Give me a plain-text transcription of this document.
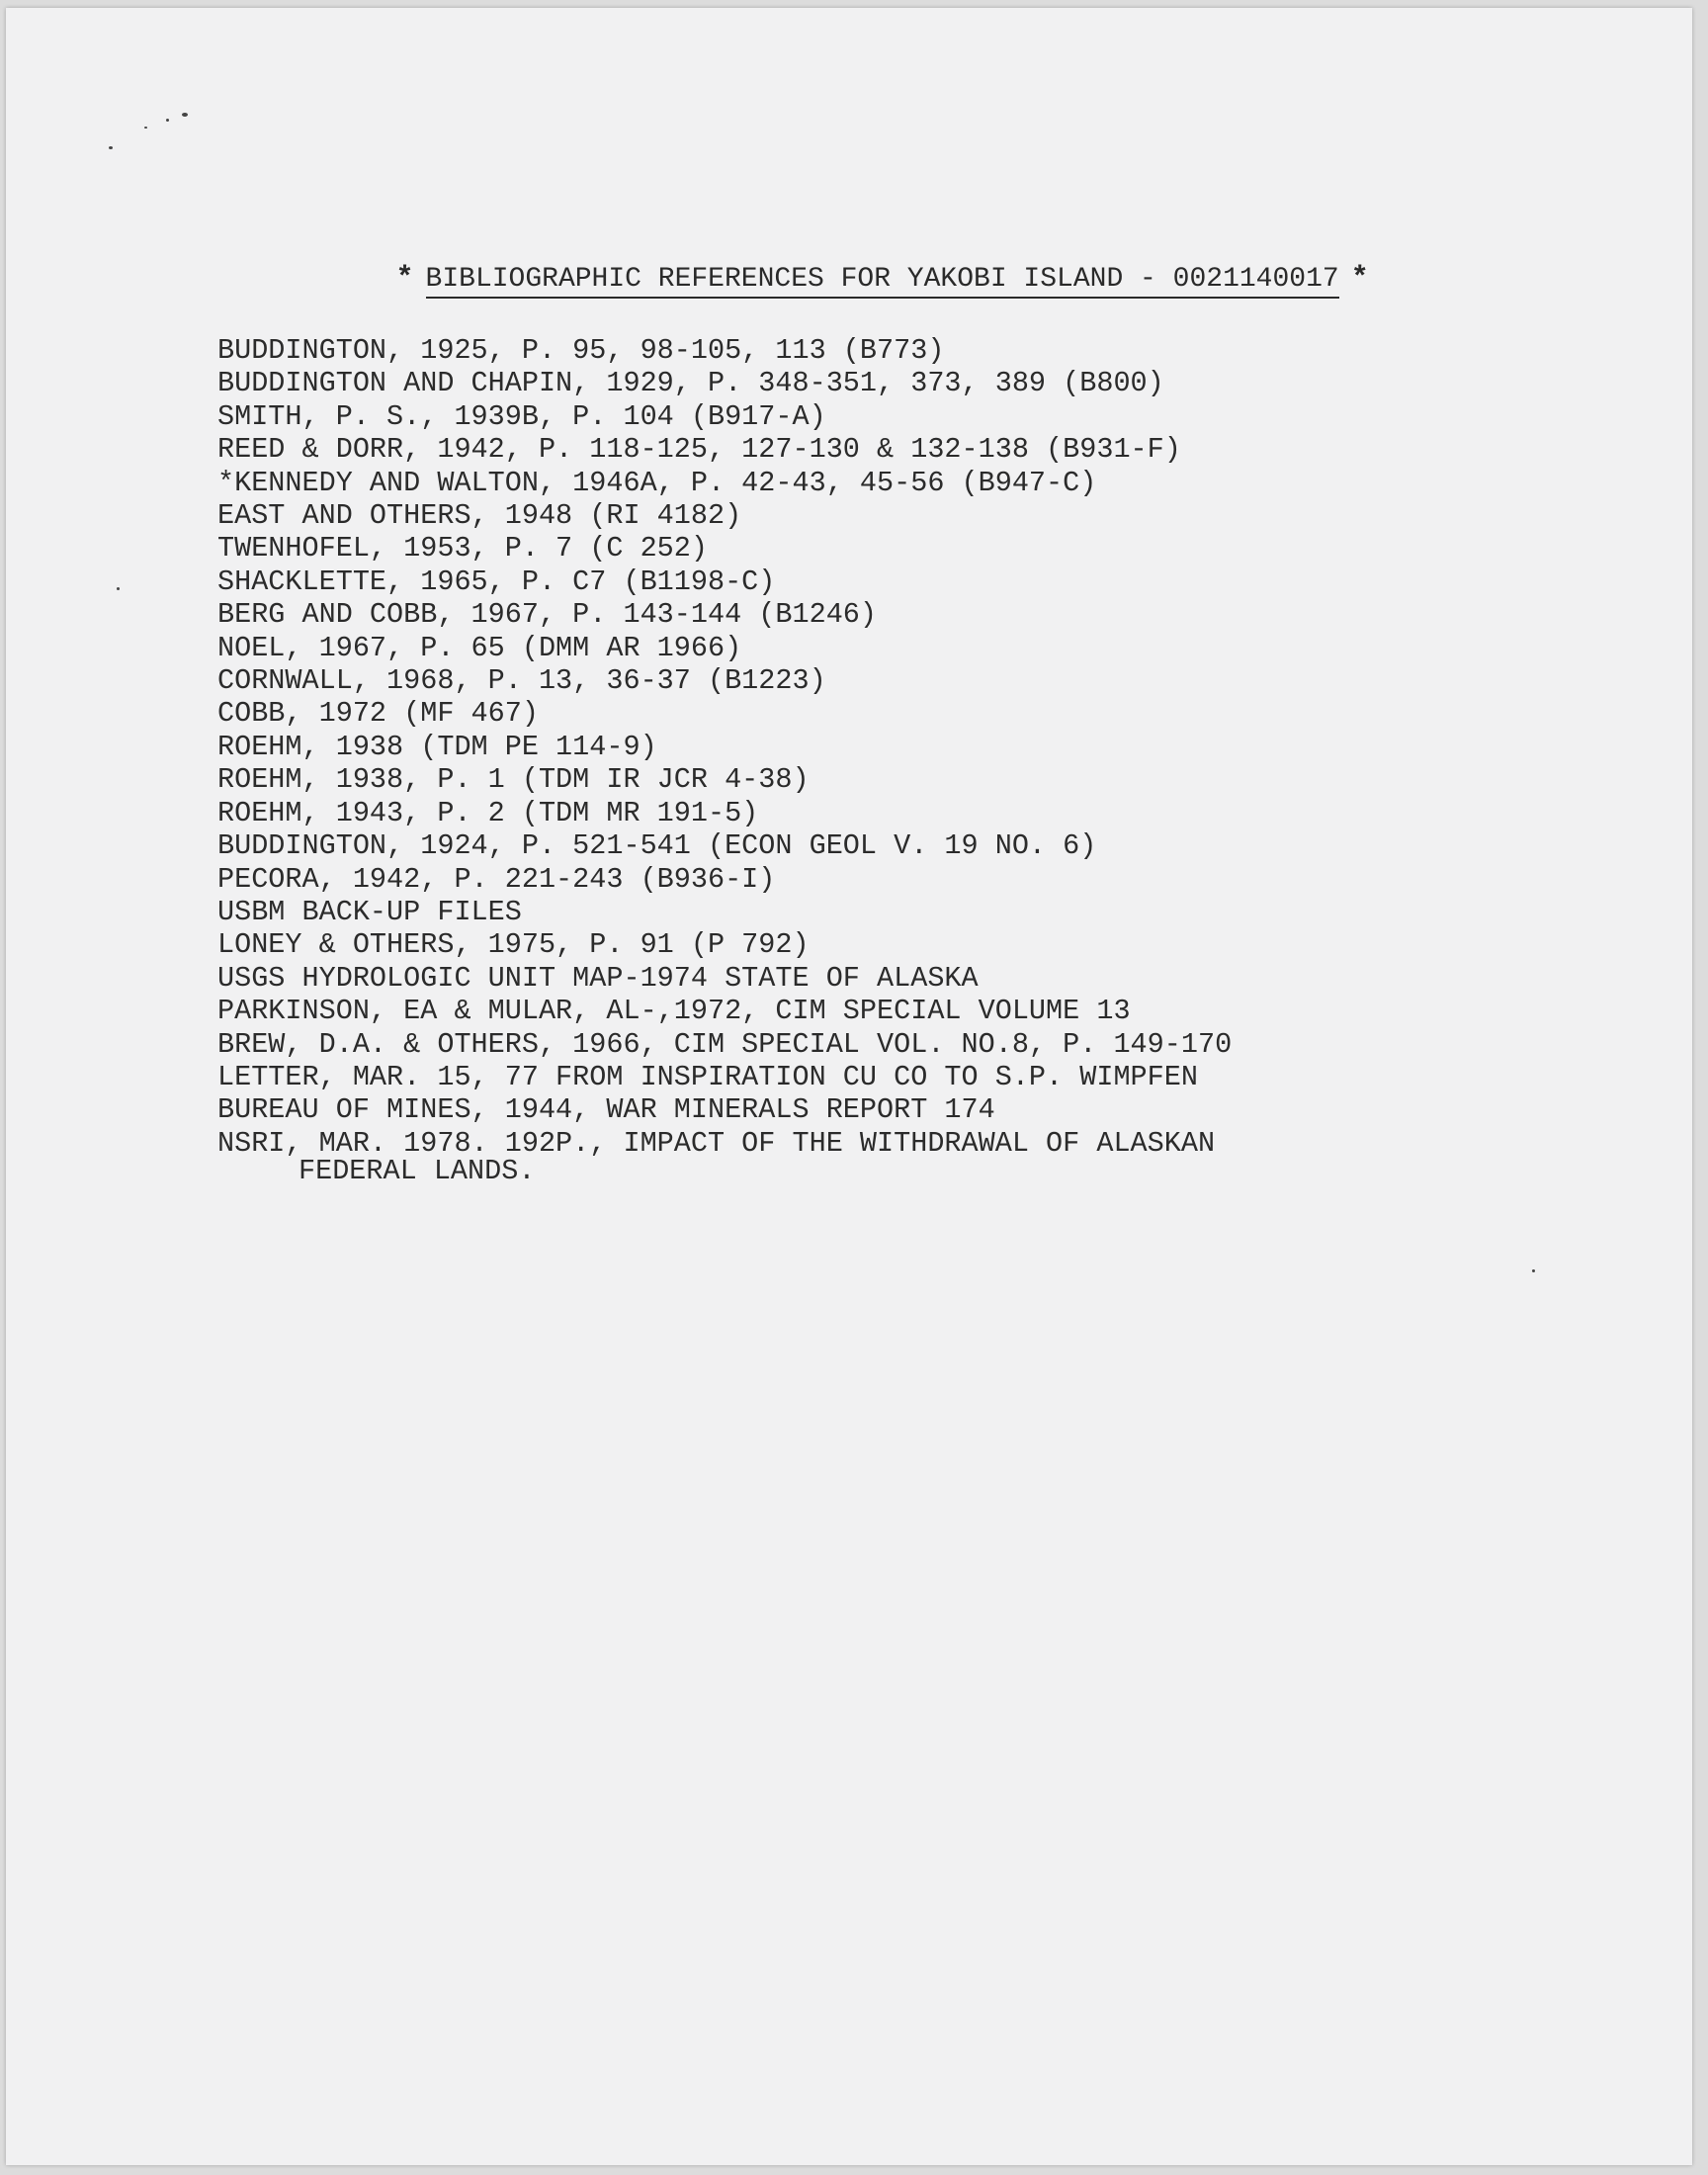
* BIBLIOGRAPHIC REFERENCES FOR YAKOBI ISLAND - 0021140017 *

BUDDINGTON, 1925, P. 95, 98-105, 113 (B773)
BUDDINGTON AND CHAPIN, 1929, P. 348-351, 373, 389 (B800)
SMITH, P. S., 1939B, P. 104 (B917-A)
REED & DORR, 1942, P. 118-125, 127-130 & 132-138 (B931-F)
*KENNEDY AND WALTON, 1946A, P. 42-43, 45-56 (B947-C)
EAST AND OTHERS, 1948 (RI 4182)
TWENHOFEL, 1953, P. 7 (C 252)
SHACKLETTE, 1965, P. C7 (B1198-C)
BERG AND COBB, 1967, P. 143-144 (B1246)
NOEL, 1967, P. 65 (DMM AR 1966)
CORNWALL, 1968, P. 13, 36-37 (B1223)
COBB, 1972 (MF 467)
ROEHM, 1938 (TDM PE 114-9)
ROEHM, 1938, P. 1 (TDM IR JCR 4-38)
ROEHM, 1943, P. 2 (TDM MR 191-5)
BUDDINGTON, 1924, P. 521-541 (ECON GEOL V. 19 NO. 6)
PECORA, 1942, P. 221-243 (B936-I)
USBM BACK-UP FILES
LONEY & OTHERS, 1975, P. 91 (P 792)
USGS HYDROLOGIC UNIT MAP-1974 STATE OF ALASKA
PARKINSON, EA & MULAR, AL-,1972, CIM SPECIAL VOLUME 13
BREW, D.A. & OTHERS, 1966, CIM SPECIAL VOL. NO.8, P. 149-170
LETTER, MAR. 15, 77 FROM INSPIRATION CU CO TO S.P. WIMPFEN
BUREAU OF MINES, 1944, WAR MINERALS REPORT 174
NSRI, MAR. 1978. 192P., IMPACT OF THE WITHDRAWAL OF ALASKAN
FEDERAL LANDS.
